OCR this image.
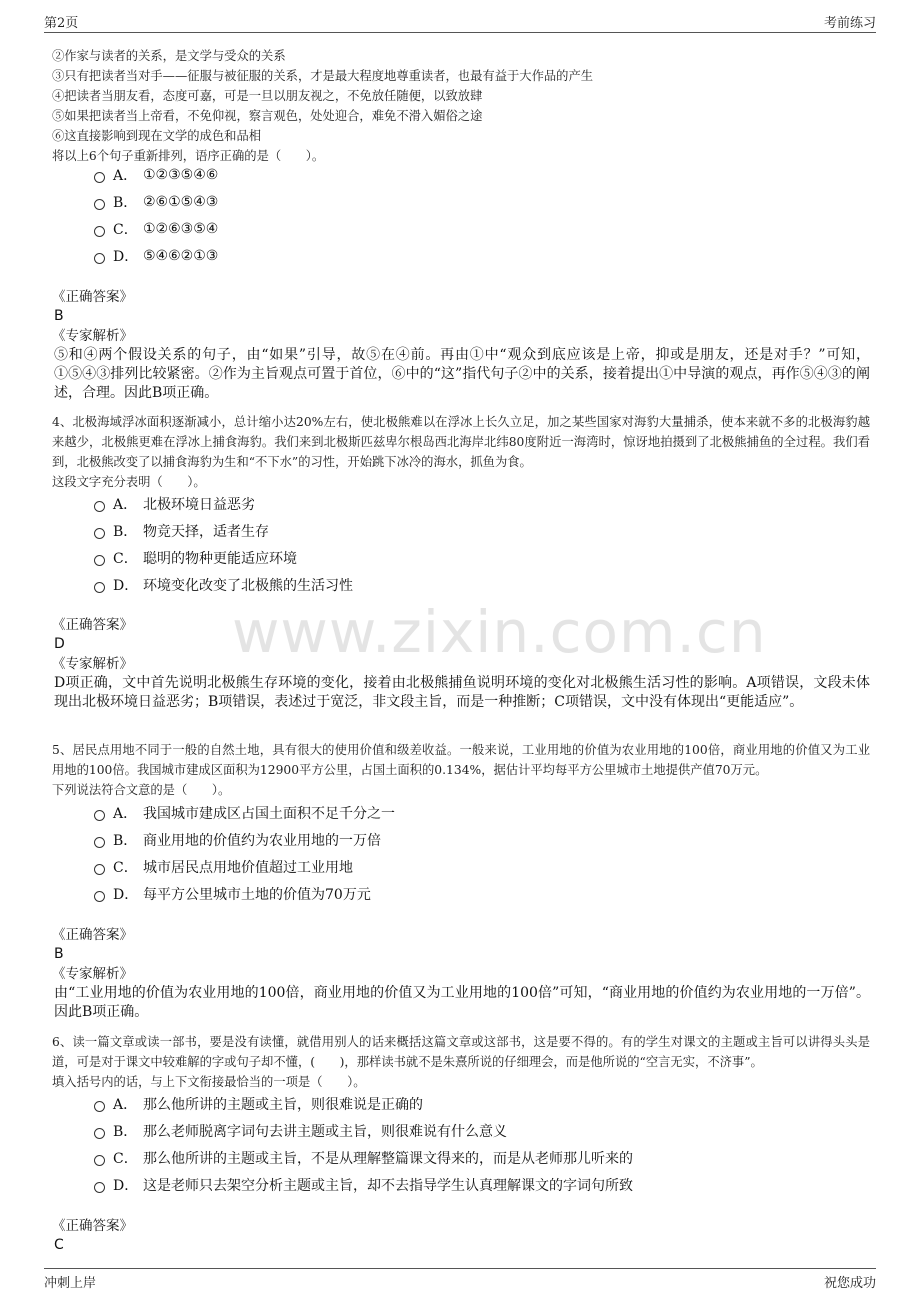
第2页	考前练习
www.zixin.com.cn

②作家与读者的关系，是文学与受众的关系

③只有把读者当对手——征服与被征服的关系，才是最大程度地尊重读者，也最有益于大作品的产生

④把读者当朋友看，态度可嘉，可是一旦以朋友视之，不免放任随便，以致放肆

⑤如果把读者当上帝看，不免仰视，察言观色，处处迎合，难免不滑入媚俗之途

⑥这直接影响到现在文学的成色和品相

将以上6个句子重新排列，语序正确的是（　　）。

A． ①②③⑤④⑥
B． ②⑥①⑤④③
C． ①②⑥③⑤④
D． ⑤④⑥②①③
《正确答案》
B
《专家解析》
⑤和④两个假设关系的句子，由“如果”引导，故⑤在④前。再由①中“观众到底应该是上帝，抑或是朋友，还是对手？”可知，①⑤④③排列比较紧密。②作为主旨观点可置于首位，⑥中的“这”指代句子②中的关系，接着提出①中导演的观点，再作⑤④③的阐述，合理。因此B项正确。

4、北极海域浮冰面积逐渐减小，总计缩小达20%左右，使北极熊难以在浮冰上长久立足，加之某些国家对海豹大量捕杀，使本来就不多的北极海豹越来越少，北极熊更难在浮冰上捕食海豹。我们来到北极斯匹兹卑尔根岛西北海岸北纬80度附近一海湾时，惊讶地拍摄到了北极熊捕鱼的全过程。我们看到，北极熊改变了以捕食海豹为生和“不下水”的习性，开始跳下冰冷的海水，抓鱼为食。

这段文字充分表明（　　）。

A． 北极环境日益恶劣
B． 物竞天择，适者生存
C． 聪明的物种更能适应环境
D． 环境变化改变了北极熊的生活习性
《正确答案》
D
《专家解析》
D项正确，文中首先说明北极熊生存环境的变化，接着由北极熊捕鱼说明环境的变化对北极熊生活习性的影响。A项错误，文段未体现出北极环境日益恶劣；B项错误，表述过于宽泛，非文段主旨，而是一种推断；C项错误，文中没有体现出“更能适应”。

5、居民点用地不同于一般的自然土地，具有很大的使用价值和级差收益。一般来说，工业用地的价值为农业用地的100倍，商业用地的价值又为工业用地的100倍。我国城市建成区面积为12900平方公里，占国土面积的0.134%，据估计平均每平方公里城市土地提供产值70万元。

下列说法符合文意的是（　　）。

A． 我国城市建成区占国土面积不足千分之一
B． 商业用地的价值约为农业用地的一万倍
C． 城市居民点用地价值超过工业用地
D． 每平方公里城市土地的价值为70万元
《正确答案》
B
《专家解析》
由“工业用地的价值为农业用地的100倍，商业用地的价值又为工业用地的100倍”可知，“商业用地的价值约为农业用地的一万倍”。因此B项正确。

6、读一篇文章或读一部书，要是没有读懂，就借用别人的话来概括这篇文章或这部书，这是要不得的。有的学生对课文的主题或主旨可以讲得头头是道，可是对于课文中较难解的字或句子却不懂，(　　)，那样读书就不是朱熹所说的仔细理会，而是他所说的“空言无实，不济事”。

填入括号内的话，与上下文衔接最恰当的一项是（　　）。

A． 那么他所讲的主题或主旨，则很难说是正确的
B． 那么老师脱离字词句去讲主题或主旨，则很难说有什么意义
C． 那么他所讲的主题或主旨，不是从理解整篇课文得来的，而是从老师那儿听来的
D． 这是老师只去架空分析主题或主旨，却不去指导学生认真理解课文的字词句所致
《正确答案》
C
冲刺上岸	祝您成功
